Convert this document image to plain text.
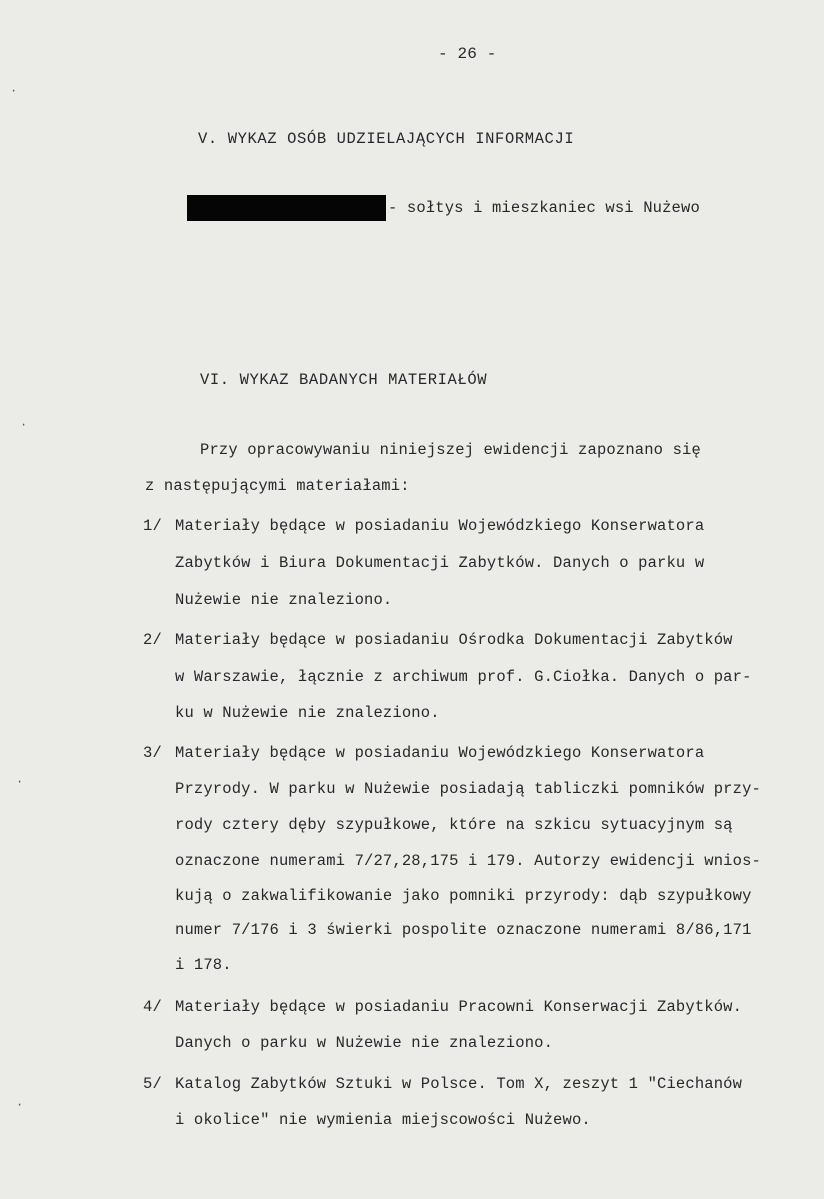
- 26 -
V. WYKAZ OSÓB UDZIELAJĄCYCH INFORMACJI
- sołtys i mieszkaniec wsi Nużewo
VI. WYKAZ BADANYCH MATERIAŁÓW
Przy opracowywaniu niniejszej ewidencji zapoznano się
z następującymi materiałami:
1/ Materiały będące w posiadaniu Wojewódzkiego Konserwatora
Zabytków i Biura Dokumentacji Zabytków. Danych o parku w
Nużewie nie znaleziono.
2/ Materiały będące w posiadaniu Ośrodka Dokumentacji Zabytków
w Warszawie, łącznie z archiwum prof. G.Ciołka. Danych o par-
ku w Nużewie nie znaleziono.
3/ Materiały będące w posiadaniu Wojewódzkiego Konserwatora
Przyrody. W parku w Nużewie posiadają tabliczki pomników przy-
rody cztery dęby szypułkowe, które na szkicu sytuacyjnym są
oznaczone numerami 7/27,28,175 i 179. Autorzy ewidencji wnios-
kują o zakwalifikowanie jako pomniki przyrody: dąb szypułkowy
numer 7/176 i 3 świerki pospolite oznaczone numerami 8/86,171
i 178.
4/ Materiały będące w posiadaniu Pracowni Konserwacji Zabytków.
Danych o parku w Nużewie nie znaleziono.
5/ Katalog Zabytków Sztuki w Polsce. Tom X, zeszyt 1 "Ciechanów
i okolice" nie wymienia miejscowości Nużewo.
·
·
·
·
